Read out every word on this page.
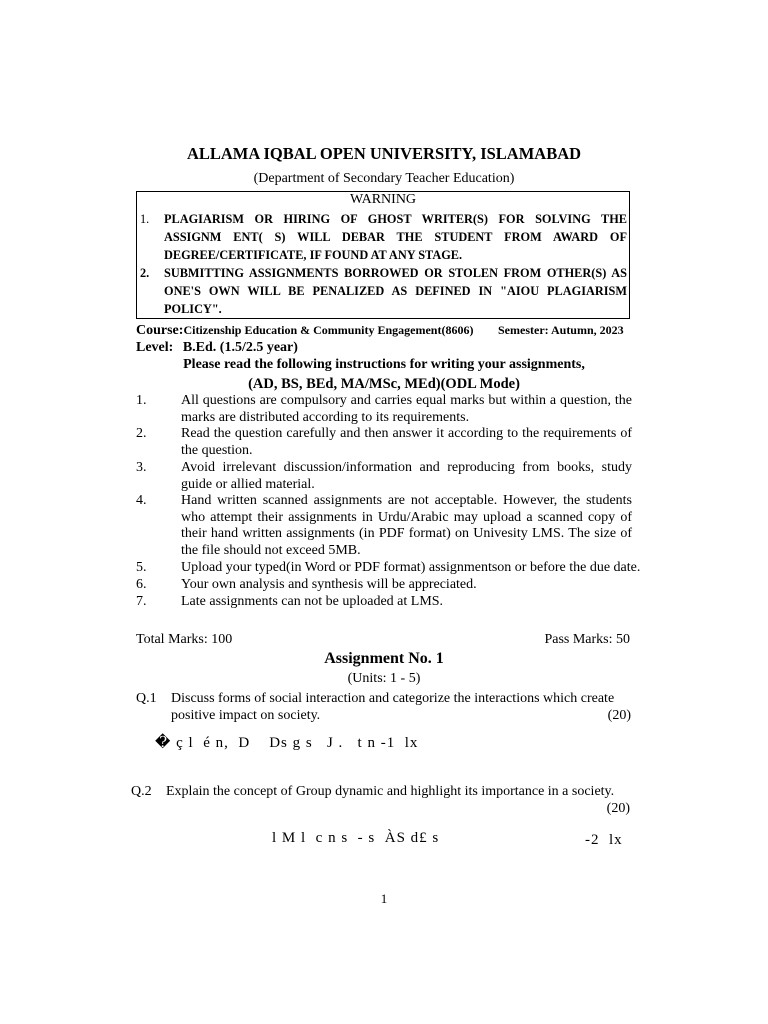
ALLAMA IQBAL OPEN UNIVERSITY, ISLAMABAD
(Department of Secondary Teacher Education)
WARNING
1.	PLAGIARISM OR HIRING OF GHOST WRITER(S) FOR SOLVING THE
ASSIGNM ENT( S) WILL DEBAR THE STUDENT FROM AWARD OF
DEGREE/CERTIFICATE, IF FOUND AT ANY STAGE.
2.	SUBMITTING ASSIGNMENTS BORROWED OR STOLEN FROM OTHER(S) AS
ONE'S OWN WILL BE PENALIZED AS DEFINED IN "AIOU PLAGIARISM
POLICY".
Course:Citizenship Education & Community Engagement(8606) Semester: Autumn, 2023
Level: B.Ed. (1.5/2.5 year)
Please read the following instructions for writing your assignments,
(AD, BS, BEd, MA/MSc, MEd)(ODL Mode)
1. All questions are compulsory and carries equal marks but within a question, the marks are distributed according to its requirements.
2. Read the question carefully and then answer it according to the requirements of the question.
3. Avoid irrelevant discussion/information and reproducing from books, study guide or allied material.
4. Hand written scanned assignments are not acceptable. However, the students who attempt their assignments in Urdu/Arabic may upload a scanned copy of their hand written assignments (in PDF format) on Univesity LMS. The size of the file should not exceed 5MB.
5. Upload your typed(in Word or PDF format) assignmentson or before the due date.
6. Your own analysis and synthesis will be appreciated.
7. Late assignments can not be uploaded at LMS.
Total Marks: 100	Pass Marks: 50
Assignment No. 1
(Units: 1 - 5)
Q.1 Discuss forms of social interaction and categorize the interactions which create
positive impact on society.	(20)
� ç l  é n,  D    Ds g s   J .   t n -1  lx

Q.2 Explain the concept of Group dynamic and highlight its importance in a society.
(20)
l M l  c n s  - s  ÀS d£ s	-2  lx
1
